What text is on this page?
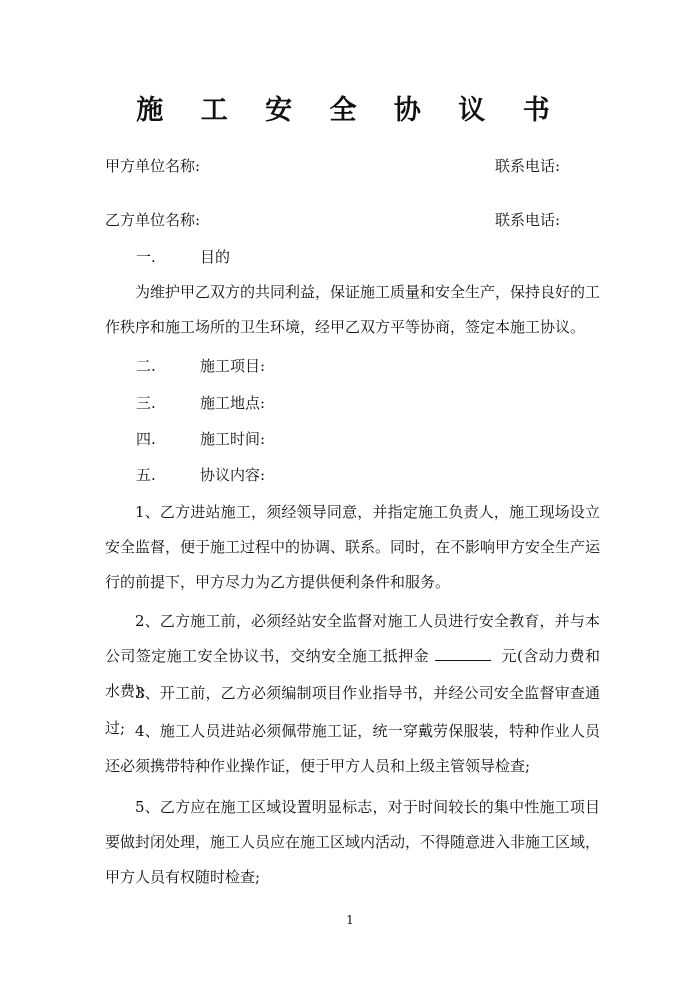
施 工 安 全 协 议 书
甲方单位名称:	联系电话:
乙方单位名称:	联系电话:
一.	目的
为维护甲乙双方的共同利益，保证施工质量和安全生产，保持良好的工作秩序和施工场所的卫生环境，经甲乙双方平等协商，签定本施工协议。
二.	施工项目:
三.	施工地点:
四.	施工时间:
五.	协议内容:
1、乙方进站施工，须经领导同意，并指定施工负责人，施工现场设立安全监督，便于施工过程中的协调、联系。同时，在不影响甲方安全生产运行的前提下，甲方尽力为乙方提供便利条件和服务。
2、乙方施工前，必须经站安全监督对施工人员进行安全教育，并与本公司签定施工安全协议书，交纳安全施工抵押金	元(含动力费和水费);
3、开工前，乙方必须编制项目作业指导书，并经公司安全监督审查通过; 4、施工人员进站必须佩带施工证，统一穿戴劳保服装，特种作业人员还必须携带特种作业操作证，便于甲方人员和上级主管领导检查;
5、乙方应在施工区域设置明显标志，对于时间较长的集中性施工项目要做封闭处理，施工人员应在施工区域内活动，不得随意进入非施工区域，甲方人员有权随时检查;
1
